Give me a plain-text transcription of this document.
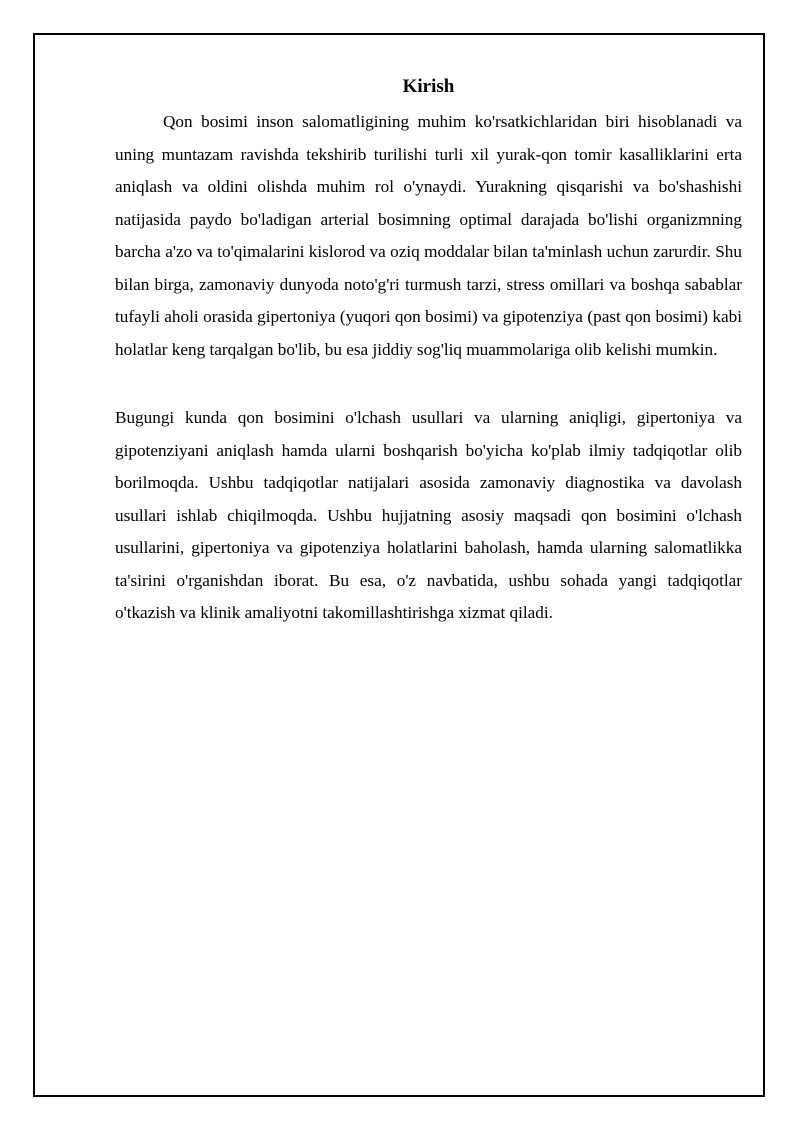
Kirish

Qon bosimi inson salomatligining muhim ko'rsatkichlaridan biri hisoblanadi va uning muntazam ravishda tekshirib turilishi turli xil yurak-qon tomir kasalliklarini erta aniqlash va oldini olishda muhim rol o'ynaydi. Yurakning qisqarishi va bo'shashishi natijasida paydo bo'ladigan arterial bosimning optimal darajada bo'lishi organizmning barcha a'zo va to'qimalarini kislorod va oziq moddalar bilan ta'minlash uchun zarurdir. Shu bilan birga, zamonaviy dunyoda noto'g'ri turmush tarzi, stress omillari va boshqa sabablar tufayli aholi orasida gipertoniya (yuqori qon bosimi) va gipotenziya (past qon bosimi) kabi holatlar keng tarqalgan bo'lib, bu esa jiddiy sog'liq muammolariga olib kelishi mumkin.

Bugungi kunda qon bosimini o'lchash usullari va ularning aniqligi, gipertoniya va gipotenziyani aniqlash hamda ularni boshqarish bo'yicha ko'plab ilmiy tadqiqotlar olib borilmoqda. Ushbu tadqiqotlar natijalari asosida zamonaviy diagnostika va davolash usullari ishlab chiqilmoqda. Ushbu hujjatning asosiy maqsadi qon bosimini o'lchash usullarini, gipertoniya va gipotenziya holatlarini baholash, hamda ularning salomatlikka ta'sirini o'rganishdan iborat. Bu esa, o'z navbatida, ushbu sohada yangi tadqiqotlar o'tkazish va klinik amaliyotni takomillashtirishga xizmat qiladi.
